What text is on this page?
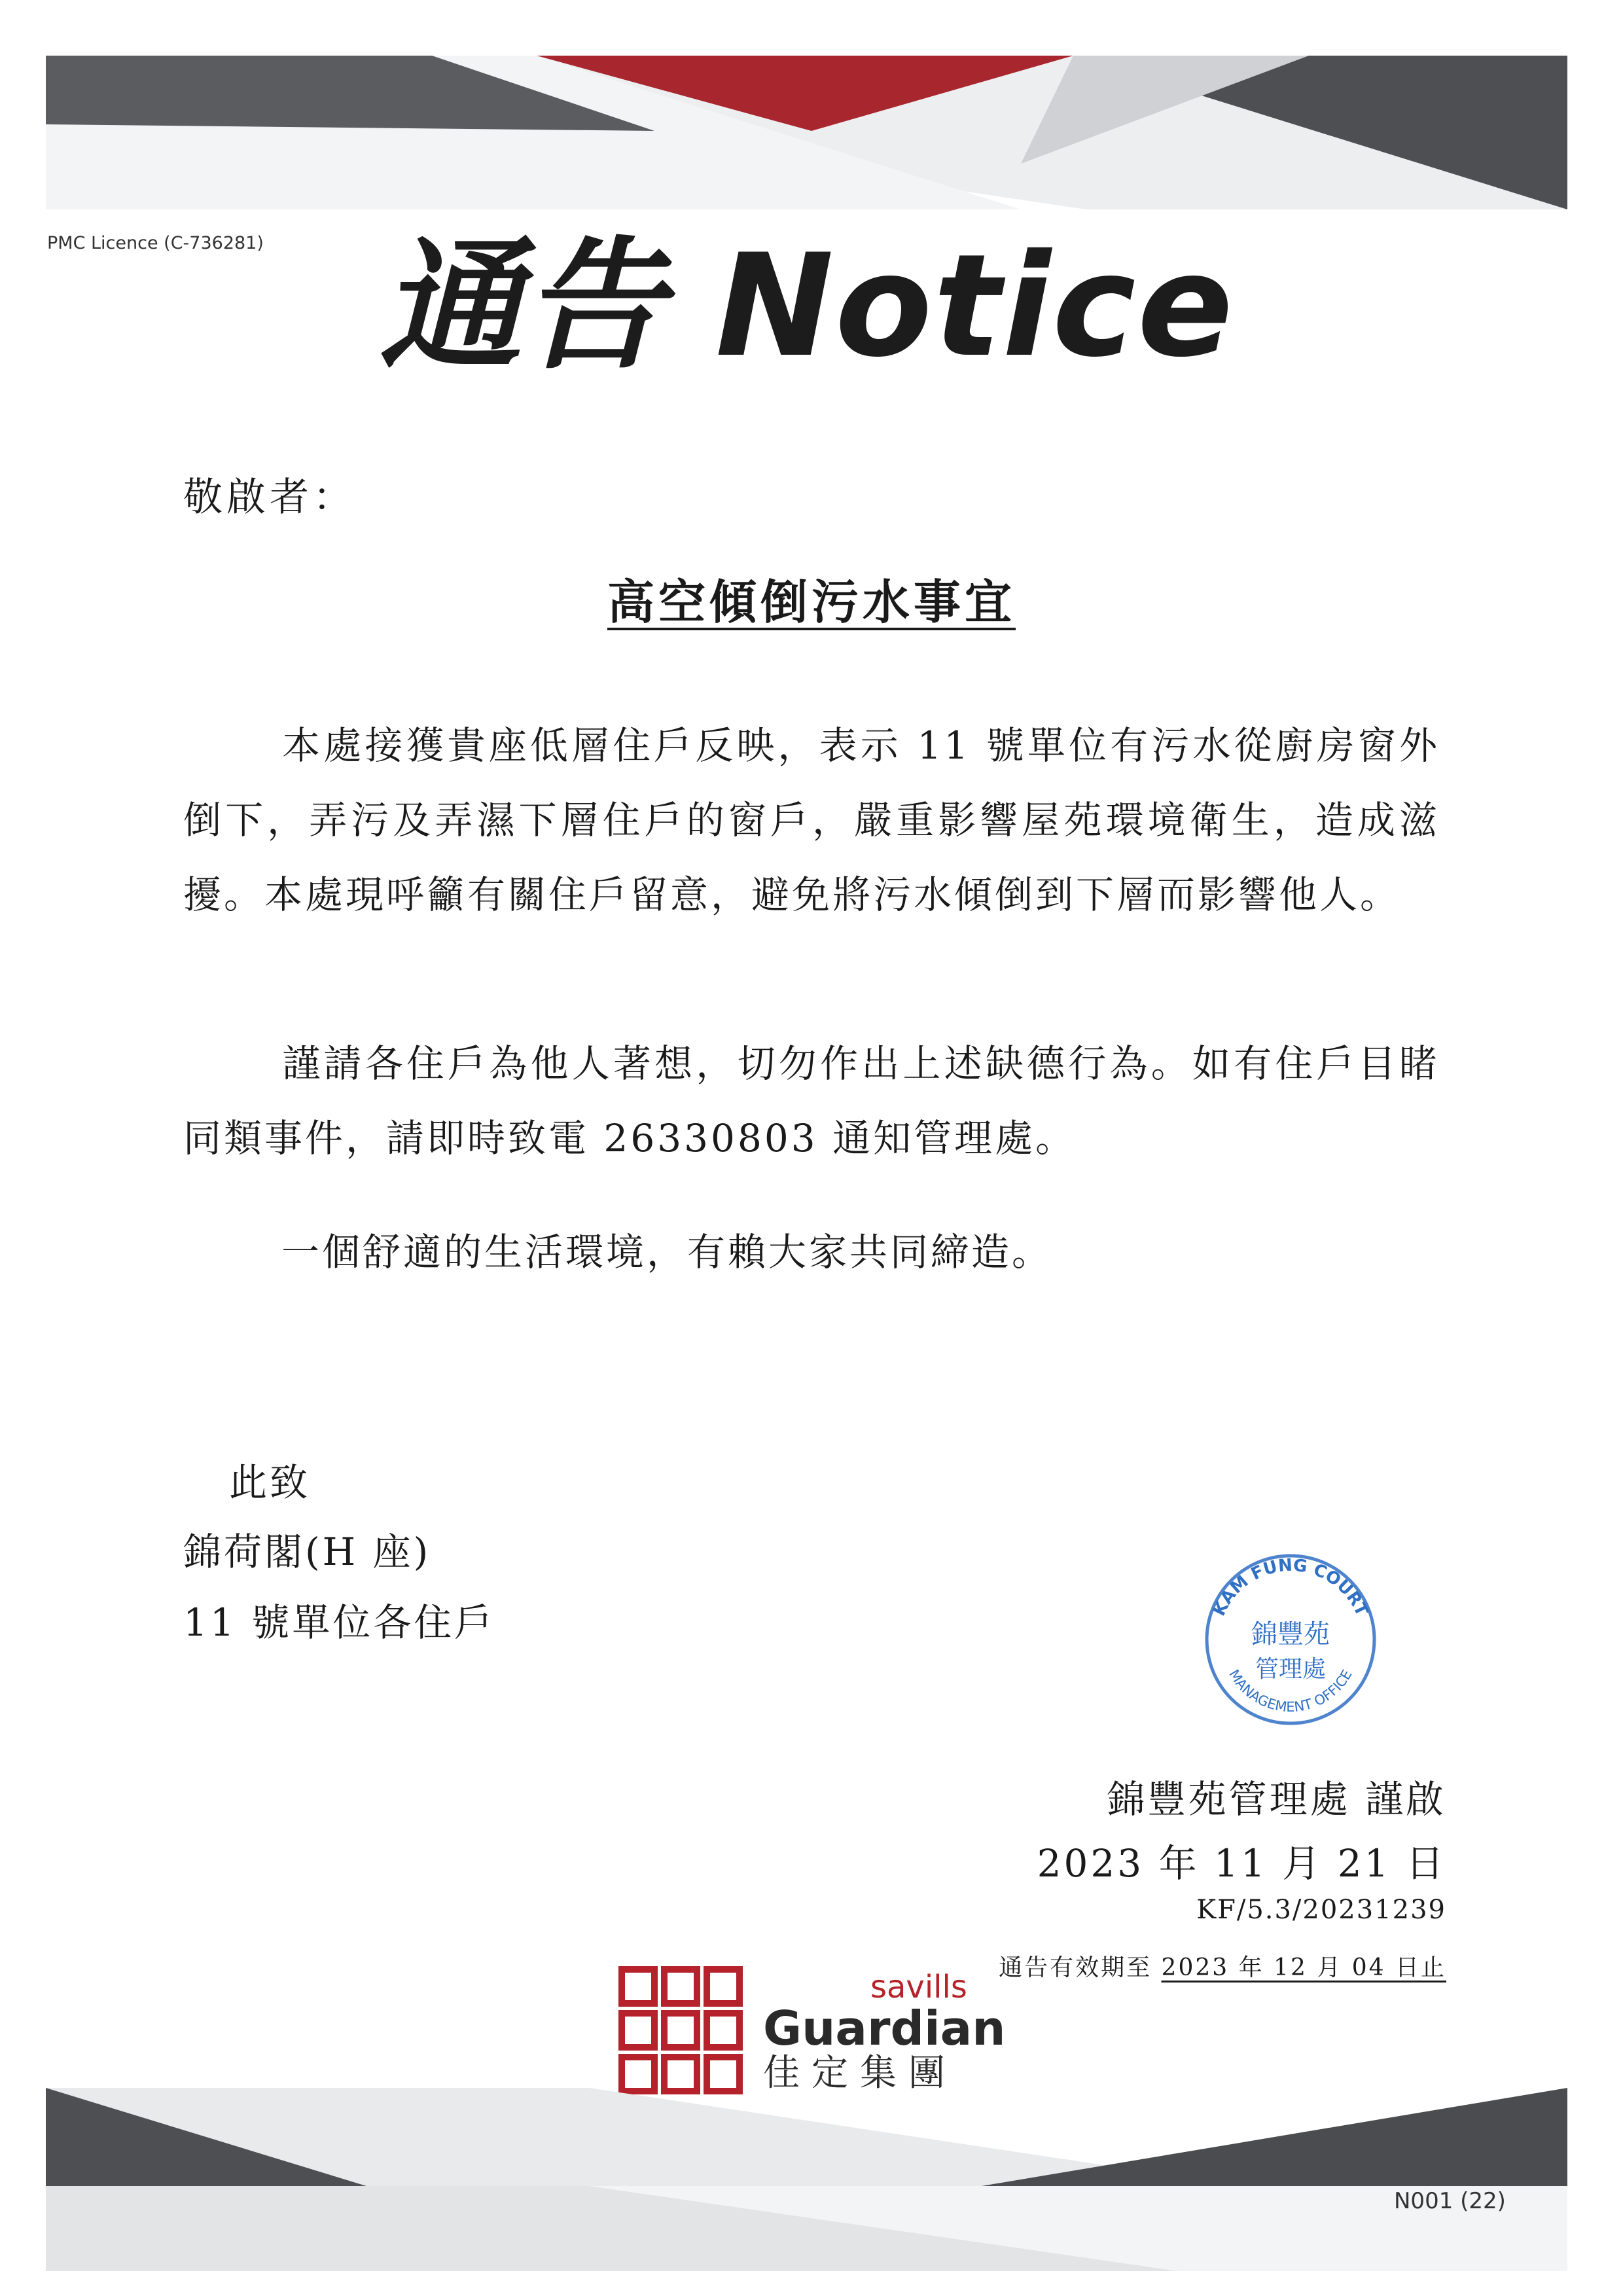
PMC Licence (C-736281) 通告 Notice
敬啟者：
高空傾倒污水事宜
本處接獲貴座低層住戶反映，表示 11 號單位有污水從廚房窗外倒下，弄污及弄濕下層住戶的窗戶，嚴重影響屋苑環境衛生，造成滋擾。本處現呼籲有關住戶留意，避免將污水傾倒到下層而影響他人。
謹請各住戶為他人著想，切勿作出上述缺德行為。如有住戶目睹同類事件，請即時致電 26330803 通知管理處。
一個舒適的生活環境，有賴大家共同締造。
此致
錦荷閣(H 座)
11 號單位各住戶	KAM FUNG COURT
錦豐苑
管理處
MANAGEMENT OFFICE
錦豐苑管理處 謹啟
2023 年 11 月 21 日
KF/5.3/20231239
通告有效期至 2023 年 12 月 04 日止
savills
Guardian
佳定集團
N001 (22)
